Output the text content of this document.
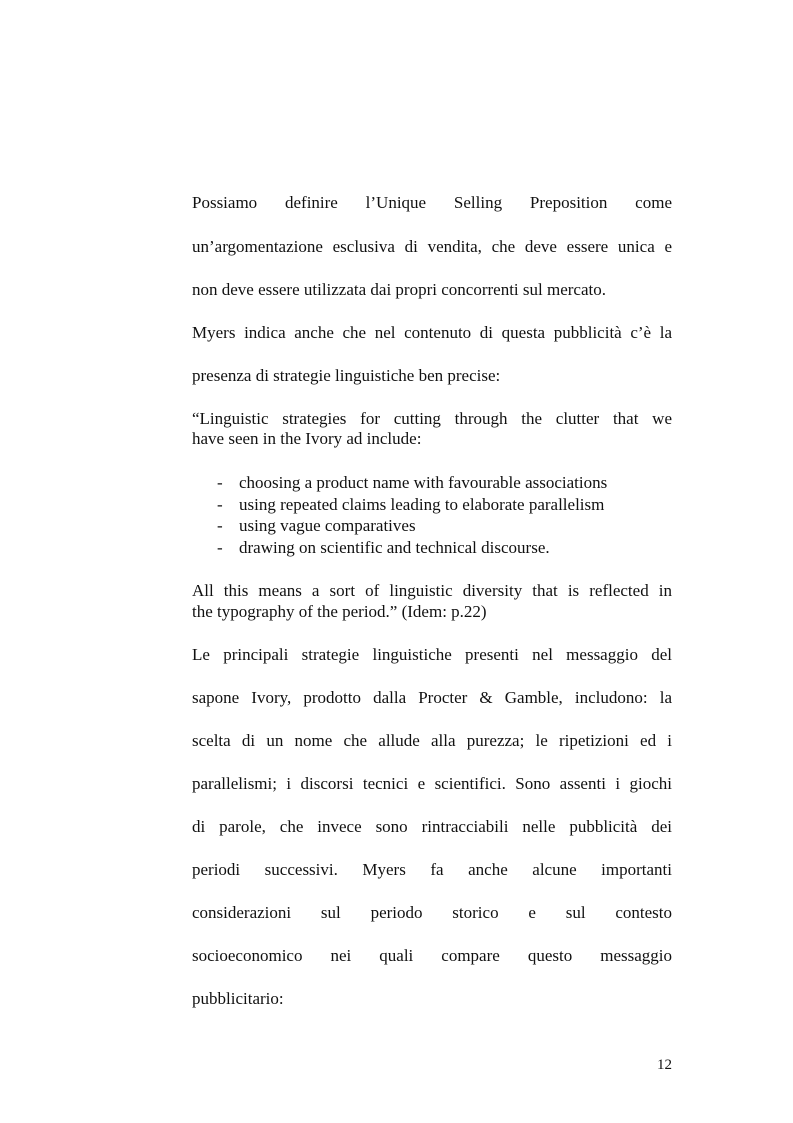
Possiamo definire l’Unique Selling Preposition come
un’argomentazione esclusiva di vendita, che deve essere unica e
non deve essere utilizzata dai propri concorrenti sul mercato.
Myers indica anche che nel contenuto di questa pubblicità c’è la
presenza di strategie linguistiche ben precise:
“Linguistic strategies for cutting through the clutter that we
have seen in the Ivory ad include:
- choosing a product name with favourable associations
- using repeated claims leading to elaborate parallelism
- using vague comparatives
- drawing on scientific and technical discourse.
All this means a sort of linguistic diversity that is reflected in
the typography of the period.” (Idem: p.22)
Le principali strategie linguistiche presenti nel messaggio del
sapone Ivory, prodotto dalla Procter & Gamble, includono: la
scelta di un nome che allude alla purezza; le ripetizioni ed i
parallelismi; i discorsi tecnici e scientifici. Sono assenti i giochi
di parole, che invece sono rintracciabili nelle pubblicità dei
periodi successivi. Myers fa anche alcune importanti
considerazioni sul periodo storico e sul contesto
socioeconomico nei quali compare questo messaggio
pubblicitario:
12
